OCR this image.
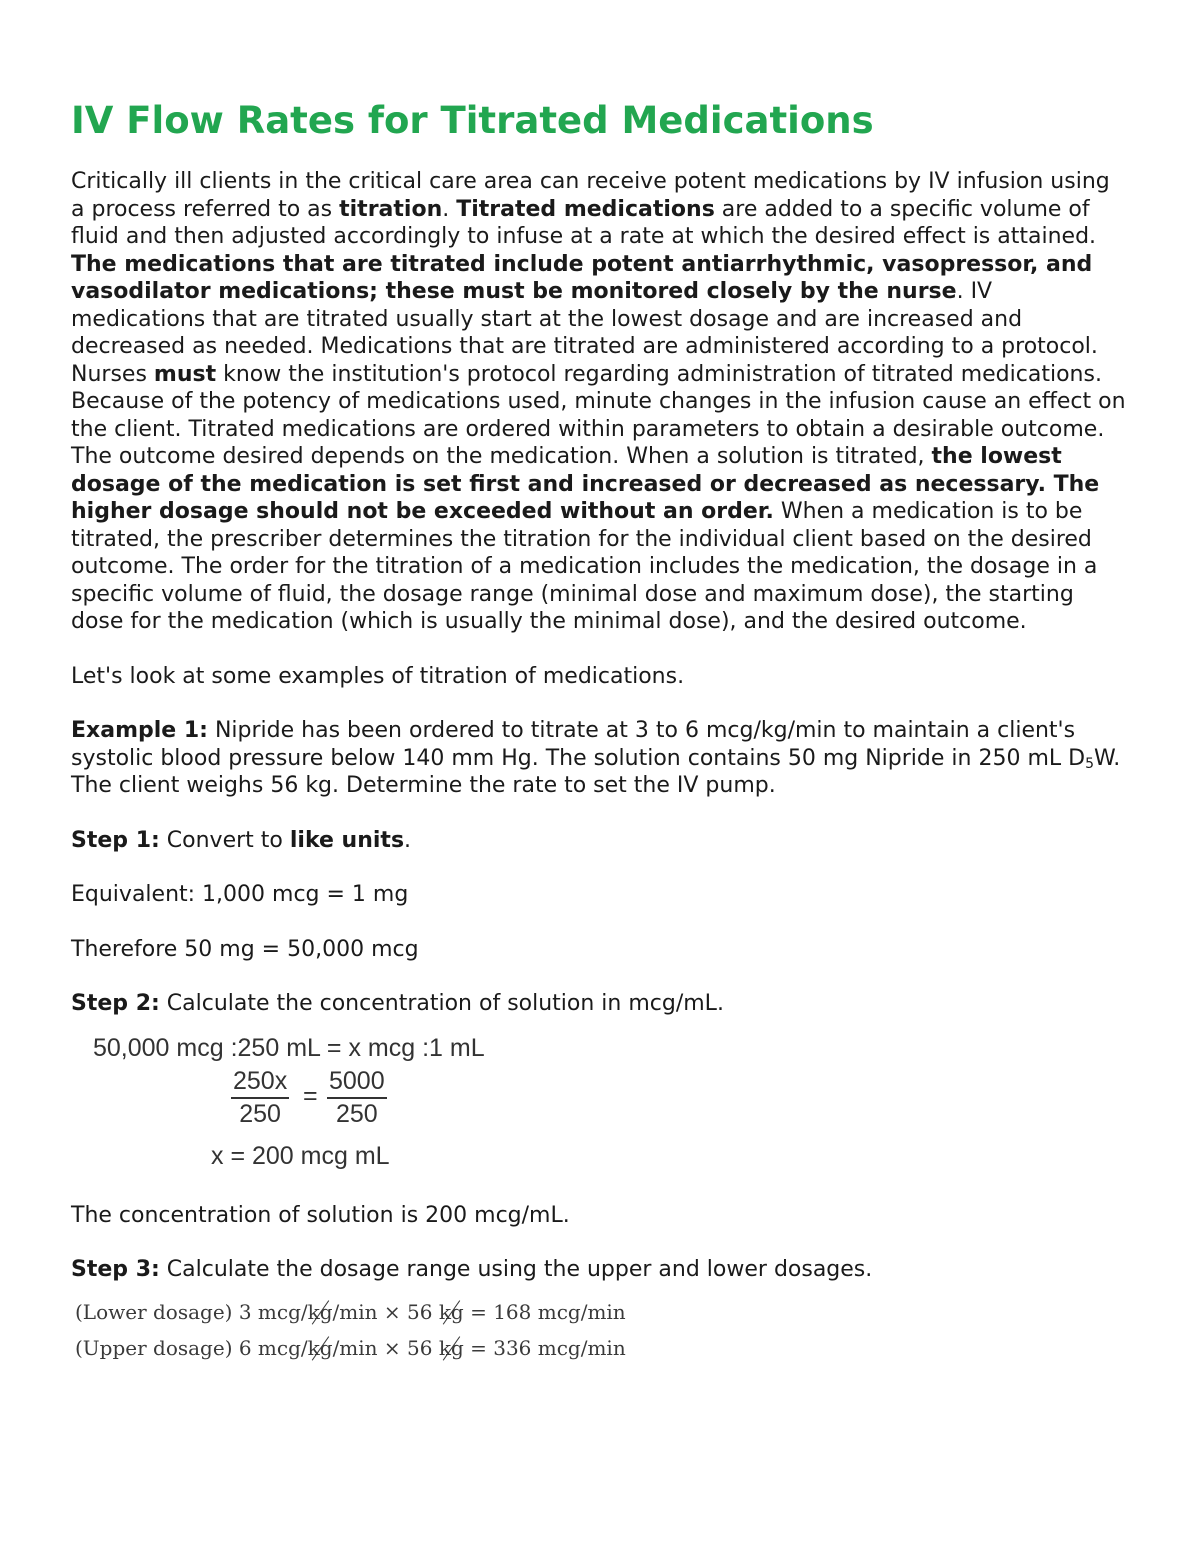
IV Flow Rates for Titrated Medications

Critically ill clients in the critical care area can receive potent medications by IV infusion using a process referred to as titration. Titrated medications are added to a specific volume of fluid and then adjusted accordingly to infuse at a rate at which the desired effect is attained. The medications that are titrated include potent antiarrhythmic, vasopressor, and vasodilator medications; these must be monitored closely by the nurse. IV medications that are titrated usually start at the lowest dosage and are increased and decreased as needed. Medications that are titrated are administered according to a protocol. Nurses must know the institution's protocol regarding administration of titrated medications. Because of the potency of medications used, minute changes in the infusion cause an effect on the client. Titrated medications are ordered within parameters to obtain a desirable outcome. The outcome desired depends on the medication. When a solution is titrated, the lowest dosage of the medication is set first and increased or decreased as necessary. The higher dosage should not be exceeded without an order. When a medication is to be titrated, the prescriber determines the titration for the individual client based on the desired outcome. The order for the titration of a medication includes the medication, the dosage in a specific volume of fluid, the dosage range (minimal dose and maximum dose), the starting dose for the medication (which is usually the minimal dose), and the desired outcome.

Let's look at some examples of titration of medications.

Example 1: Nipride has been ordered to titrate at 3 to 6 mcg/kg/min to maintain a client's systolic blood pressure below 140 mm Hg. The solution contains 50 mg Nipride in 250 mL $D_5W$. The client weighs 56 kg. Determine the rate to set the IV pump.

Step 1: Convert to like units.

Equivalent: 1,000 mcg = 1 mg

Therefore 50 mg = 50,000 mcg

Step 2: Calculate the concentration of solution in mcg/mL.

50,000 mcg :250 mL = x mcg :1 mL
$\frac{250x}{250} = \frac{5000}{250}$
x = 200 mcg mL

The concentration of solution is 200 mcg/mL.

Step 3: Calculate the dosage range using the upper and lower dosages.

(Lower dosage) 3 mcg/kg/min × 56 kg = 168 mcg/min
(Upper dosage) 6 mcg/kg/min × 56 kg = 336 mcg/min
